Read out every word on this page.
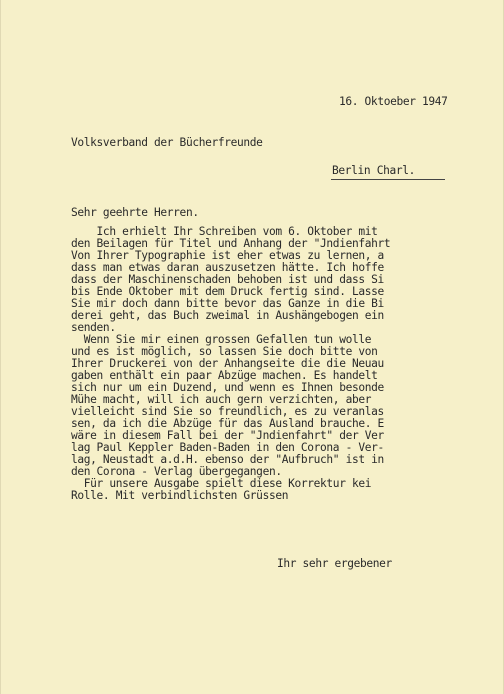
16. Oktoeber 1947
Volksverband der Bücherfreunde
Berlin Charl.
Sehr geehrte Herren.
Ich erhielt Ihr Schreiben vom 6. Oktober mit
den Beilagen für Titel und Anhang der "Jndienfahrt
Von Ihrer Typographie ist eher etwas zu lernen, a
dass man etwas daran auszusetzen hätte. Ich hoffe
dass der Maschinenschaden behoben ist und dass Si
bis Ende Oktober mit dem Druck fertig sind. Lasse
Sie mir doch dann bitte bevor das Ganze in die Bi
derei geht, das Buch zweimal in Aushängebogen ein
senden.
Wenn Sie mir einen grossen Gefallen tun wolle
und es ist möglich, so lassen Sie doch bitte von
Ihrer Druckerei von der Anhangseite die die Neuau
gaben enthält ein paar Abzüge machen. Es handelt
sich nur um ein Duzend, und wenn es Ihnen besonde
Mühe macht, will ich auch gern verzichten, aber
vielleicht sind Sie so freundlich, es zu veranlas
sen, da ich die Abzüge für das Ausland brauche. E
wäre in diesem Fall bei der "Jndienfahrt" der Ver
lag Paul Keppler Baden-Baden in den Corona - Ver-
lag, Neustadt a.d.H. ebenso der "Aufbruch" ist in
den Corona - Verlag übergegangen.
Für unsere Ausgabe spielt diese Korrektur kei
Rolle. Mit verbindlichsten Grüssen
Ihr sehr ergebener
